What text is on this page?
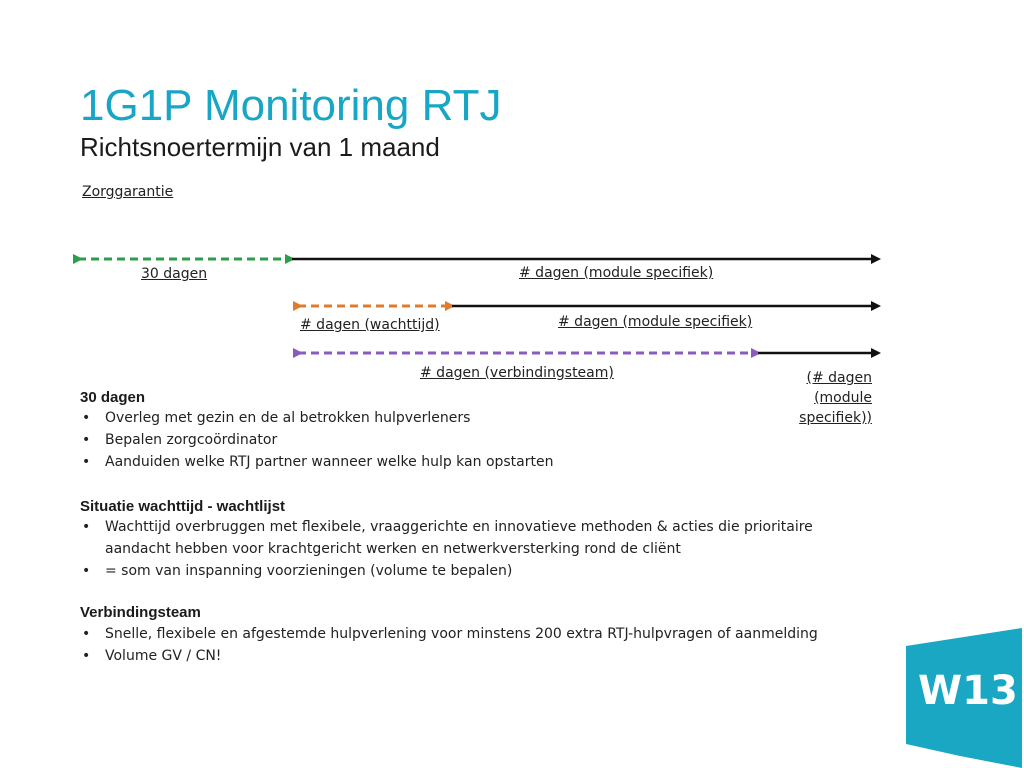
1G1P Monitoring RTJ
Richtsnoertermijn van 1 maand
Zorggarantie
30 dagen	# dagen (module specifiek)
# dagen (wachttijd)	# dagen (module specifiek)
# dagen (verbindingsteam)	(# dagen (module specifiek))
30 dagen
• Overleg met gezin en de al betrokken hulpverleners
• Bepalen zorgcoördinator
• Aanduiden welke RTJ partner wanneer welke hulp kan opstarten
Situatie wachttijd - wachtlijst
• Wachttijd overbruggen met flexibele, vraaggerichte en innovatieve methoden & acties die prioritaire aandacht hebben voor krachtgericht werken en netwerkversterking rond de cliënt
• = som van inspanning voorzieningen (volume te bepalen)
Verbindingsteam
• Snelle, flexibele en afgestemde hulpverlening voor minstens 200 extra RTJ-hulpvragen of aanmelding
• Volume GV / CN!
W13
